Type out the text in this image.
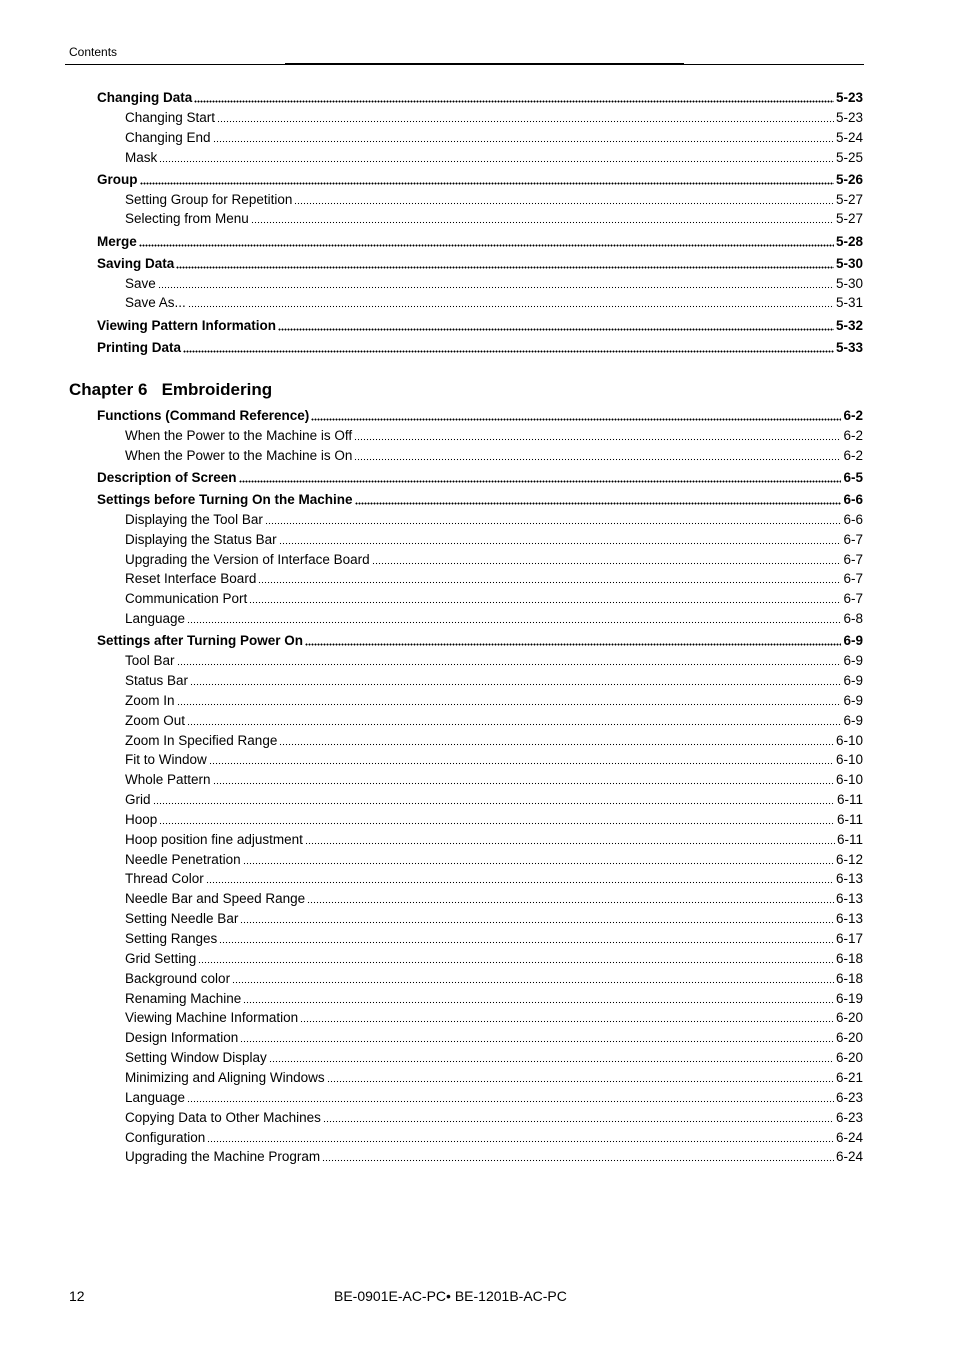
Contents
Changing Data	5-23
Changing Start	5-23
Changing End	5-24
Mask	5-25
Group	5-26
Setting Group for Repetition	5-27
Selecting from Menu	5-27
Merge	5-28
Saving Data	5-30
Save	5-30
Save As...	5-31
Viewing Pattern Information	5-32
Printing Data	5-33
Functions (Command Reference)	6-2
When the Power to the Machine is Off	6-2
When the Power to the Machine is On	6-2
Description of Screen	6-5
Settings before Turning On the Machine	6-6
Displaying the Tool Bar	6-6
Displaying the Status Bar	6-7
Upgrading the Version of Interface Board	6-7
Reset Interface Board	6-7
Communication Port	6-7
Language	6-8
Settings after Turning Power On	6-9
Tool Bar	6-9
Status Bar	6-9
Zoom In	6-9
Zoom Out	6-9
Zoom In Specified Range	6-10
Fit to Window	6-10
Whole Pattern	6-10
Grid	6-11
Hoop	6-11
Hoop position fine adjustment	6-11
Needle Penetration	6-12
Thread Color	6-13
Needle Bar and Speed Range	6-13
Setting Needle Bar	6-13
Setting Ranges	6-17
Grid Setting	6-18
Background color	6-18
Renaming Machine	6-19
Viewing Machine Information	6-20
Design Information	6-20
Setting Window Display	6-20
Minimizing and Aligning Windows	6-21
Language	6-23
Copying Data to Other Machines	6-23
Configuration	6-24
Upgrading the Machine Program	6-24
Chapter 6 Embroidering
12	BE-0901E-AC-PC• BE-1201B-AC-PC
